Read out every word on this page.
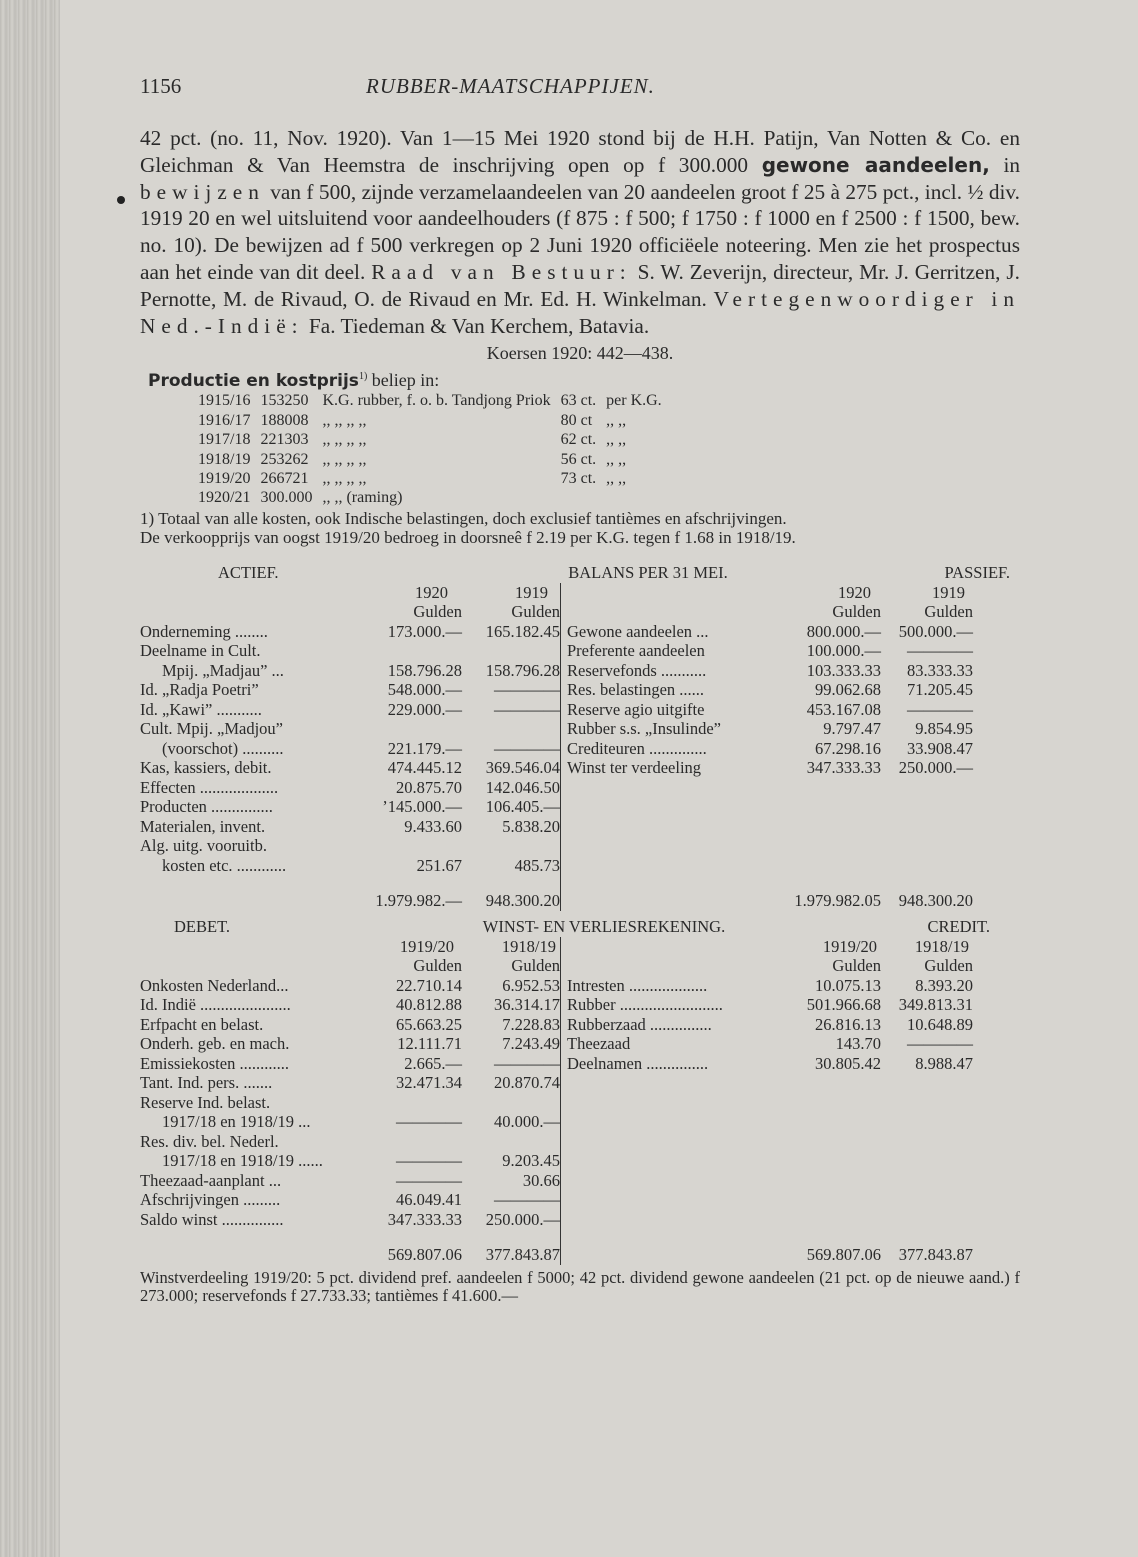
1156	RUBBER-MAATSCHAPPIJEN.
42 pct. (no. 11, Nov. 1920). Van 1—15 Mei 1920 stond bij de H.H. Patijn, Van Notten & Co. en Gleichman & Van Heemstra de inschrijving open op f 300.000 gewone aandeelen, in bewijzen van f 500, zijnde verzamelaandeelen van 20 aandeelen groot f 25 à 275 pct., incl. ½ div. 1919 20 en wel uitsluitend voor aandeelhouders (f 875 : f 500; f 1750 : f 1000 en f 2500 : f 1500, bew. no. 10). De bewijzen ad f 500 verkregen op 2 Juni 1920 officiëele noteering. Men zie het prospectus aan het einde van dit deel. Raad van Bestuur: S. W. Zeverijn, directeur, Mr. J. Gerritzen, J. Pernotte, M. de Rivaud, O. de Rivaud en Mr. Ed. H. Winkelman. Vertegenwoordiger in Ned.-Indië: Fa. Tiedeman & Van Kerchem, Batavia.
Koersen 1920: 442—438.
Productie en kostprijs$^{1)}$ beliep in:
1915/16	153250	K.G. rubber, f. o. b. Tandjong Priok	63 ct.	per K.G.
1916/17	188008	,, ,, ,, ,,	80 ct	,, ,,
1917/18	221303	,, ,, ,, ,,	62 ct.	,, ,,
1918/19	253262	,, ,, ,, ,,	56 ct.	,, ,,
1919/20	266721	,, ,, ,, ,,	73 ct.	,, ,,
1920/21	300.000	,, ,, (raming)		
1) Totaal van alle kosten, ook Indische belastingen, doch exclusief tantièmes en afschrijvingen.
De verkoopprijs van oogst 1919/20 bedroeg in doorsneê f 2.19 per K.G. tegen f 1.68 in 1918/19.
ACTIEF.	BALANS PER 31 MEI.	PASSIEF.
1920	1919	1920	1919
Gulden	Gulden	Gulden	Gulden
Onderneming ........	173.000.—	165.182.45
Deelname in Cult.
Mpij. „Madjau” ...	158.796.28	158.796.28
Id. „Radja Poetri”	548.000.—	————
Id. „Kawi” ...........	229.000.—	————
Cult. Mpij. „Madjou”
(voorschot) ..........	221.179.—	————
Kas, kassiers, debit.	474.445.12	369.546.04
Effecten ...................	20.875.70	142.046.50
Producten ...............	’145.000.—	106.405.—
Materialen, invent.	9.433.60	5.838.20
Alg. uitg. vooruitb.
kosten etc. ............	251.67	485.73
1.979.982.—	948.300.20
Gewone aandeelen ...	800.000.—	500.000.—
Preferente aandeelen	100.000.—	————
Reservefonds ...........	103.333.33	83.333.33
Res. belastingen ......	99.062.68	71.205.45
Reserve agio uitgifte	453.167.08	————
Rubber s.s. „Insulinde”	9.797.47	9.854.95
Crediteuren ..............	67.298.16	33.908.47
Winst ter verdeeling	347.333.33	250.000.—
1.979.982.05	948.300.20
DEBET.	WINST- EN VERLIESREKENING.	CREDIT.
1919/20	1918/19	1919/20	1918/19
Gulden	Gulden	Gulden	Gulden
Onkosten Nederland...	22.710.14	6.952.53
Id. Indië ......................	40.812.88	36.314.17
Erfpacht en belast.	65.663.25	7.228.83
Onderh. geb. en mach.	12.111.71	7.243.49
Emissiekosten ............	2.665.—	————
Tant. Ind. pers. .......	32.471.34	20.870.74
Reserve Ind. belast.
1917/18 en 1918/19 ...	————	40.000.—
Res. div. bel. Nederl.
1917/18 en 1918/19 ......	————	9.203.45
Theezaad-aanplant ...	————	30.66
Afschrijvingen .........	46.049.41	————
Saldo winst ...............	347.333.33	250.000.—
569.807.06	377.843.87
Intresten ...................	10.075.13	8.393.20
Rubber .........................	501.966.68	349.813.31
Rubberzaad ...............	26.816.13	10.648.89
Theezaad	143.70	————
Deelnamen ...............	30.805.42	8.988.47
569.807.06	377.843.87
Winstverdeeling 1919/20: 5 pct. dividend pref. aandeelen f 5000; 42 pct. dividend gewone aandeelen (21 pct. op de nieuwe aand.) f 273.000; reservefonds f 27.733.33; tantièmes f 41.600.—
